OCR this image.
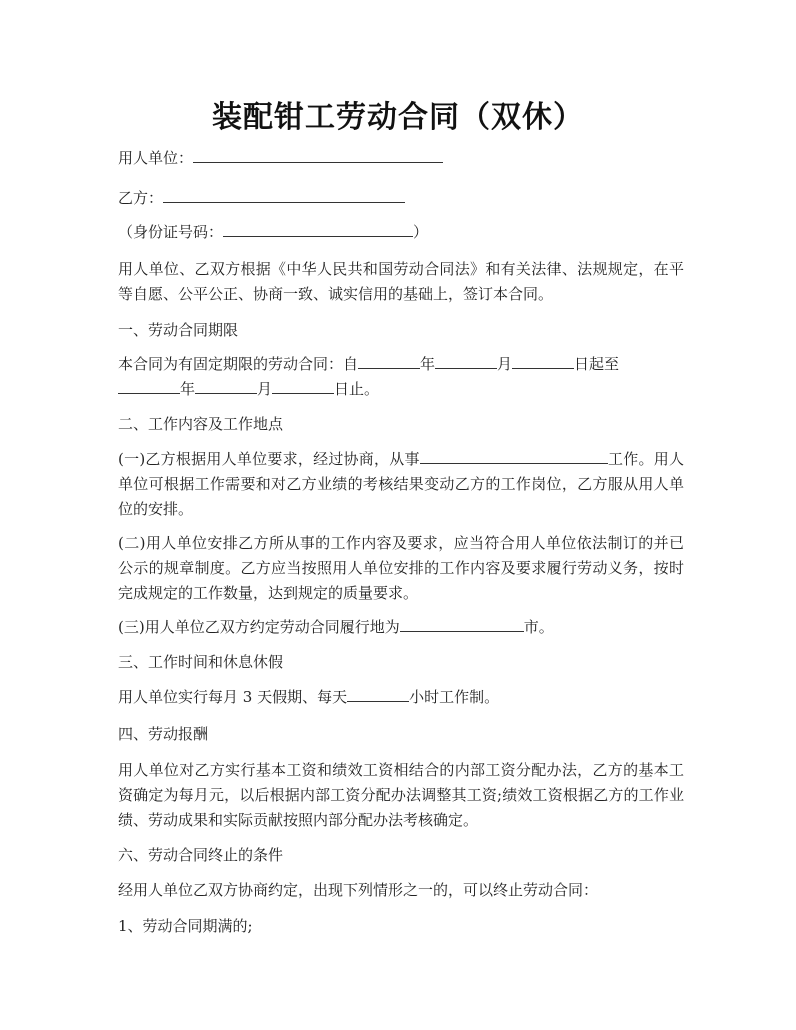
装配钳工劳动合同（双休）
用人单位：
乙方：
（身份证号码：	）
用人单位、乙双方根据《中华人民共和国劳动合同法》和有关法律、法规规定，在平等自愿、公平公正、协商一致、诚实信用的基础上，签订本合同。
一、劳动合同期限
本合同为有固定期限的劳动合同：自	年	月	日起至
年	月	日止。
二、工作内容及工作地点
(一)乙方根据用人单位要求，经过协商，从事	工作。用人单位可根据工作需要和对乙方业绩的考核结果变动乙方的工作岗位，乙方服从用人单位的安排。
(二)用人单位安排乙方所从事的工作内容及要求，应当符合用人单位依法制订的并已公示的规章制度。乙方应当按照用人单位安排的工作内容及要求履行劳动义务，按时完成规定的工作数量，达到规定的质量要求。
(三)用人单位乙双方约定劳动合同履行地为	市。
三、工作时间和休息休假
用人单位实行每月 3 天假期、每天	小时工作制。
四、劳动报酬
用人单位对乙方实行基本工资和绩效工资相结合的内部工资分配办法，乙方的基本工资确定为每月元，以后根据内部工资分配办法调整其工资;绩效工资根据乙方的工作业绩、劳动成果和实际贡献按照内部分配办法考核确定。
六、劳动合同终止的条件
经用人单位乙双方协商约定，出现下列情形之一的，可以终止劳动合同：
1、劳动合同期满的;
